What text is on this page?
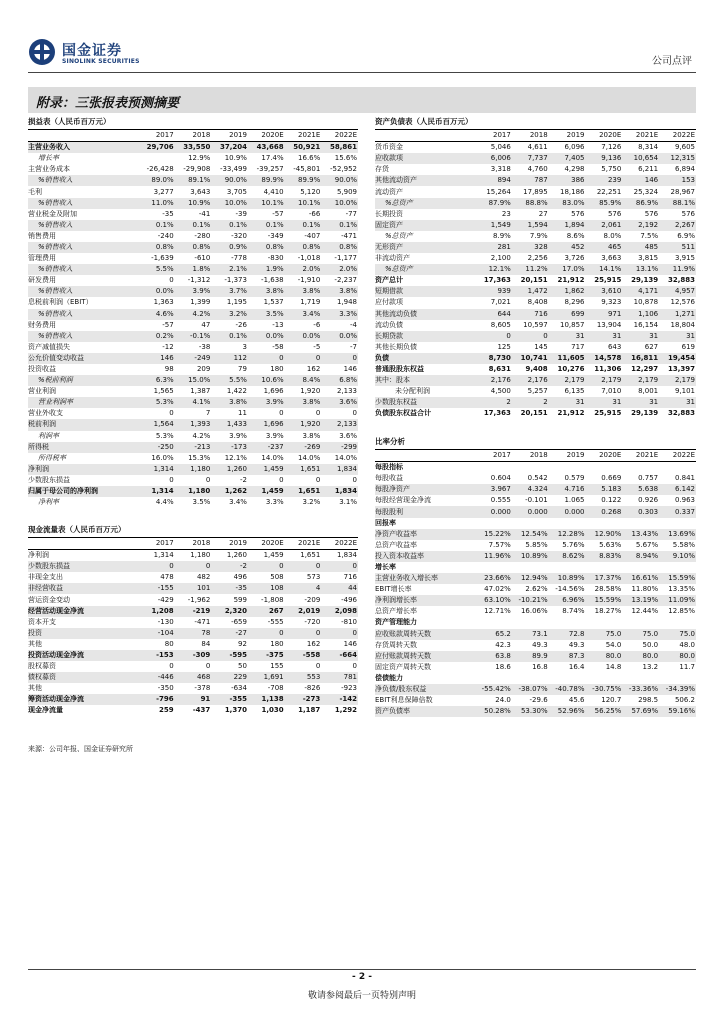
国金证券
SINOLINK SECURITIES	公司点评
附录：三张报表预测摘要
损益表（人民币百万元）
	2017	2018	2019	2020E	2021E	2022E
主营业务收入	29,706	33,550	37,204	43,668	50,921	58,861
增长率		12.9%	10.9%	17.4%	16.6%	15.6%
主营业务成本	-26,428	-29,908	-33,499	-39,257	-45,801	-52,952
%销售收入	89.0%	89.1%	90.0%	89.9%	89.9%	90.0%
毛利	3,277	3,643	3,705	4,410	5,120	5,909
%销售收入	11.0%	10.9%	10.0%	10.1%	10.1%	10.0%
营业税金及附加	-35	-41	-39	-57	-66	-77
%销售收入	0.1%	0.1%	0.1%	0.1%	0.1%	0.1%
销售费用	-240	-280	-320	-349	-407	-471
%销售收入	0.8%	0.8%	0.9%	0.8%	0.8%	0.8%
管理费用	-1,639	-610	-778	-830	-1,018	-1,177
%销售收入	5.5%	1.8%	2.1%	1.9%	2.0%	2.0%
研发费用	0	-1,312	-1,373	-1,638	-1,910	-2,237
%销售收入	0.0%	3.9%	3.7%	3.8%	3.8%	3.8%
息税前利润（EBIT）	1,363	1,399	1,195	1,537	1,719	1,948
%销售收入	4.6%	4.2%	3.2%	3.5%	3.4%	3.3%
财务费用	-57	47	-26	-13	-6	-4
%销售收入	0.2%	-0.1%	0.1%	0.0%	0.0%	0.0%
资产减值损失	-12	-38	3	-58	-5	-7
公允价值变动收益	146	-249	112	0	0	0
投资收益	98	209	79	180	162	146
%税前利润	6.3%	15.0%	5.5%	10.6%	8.4%	6.8%
营业利润	1,565	1,387	1,422	1,696	1,920	2,133
营业利润率	5.3%	4.1%	3.8%	3.9%	3.8%	3.6%
营业外收支	0	7	11	0	0	0
税前利润	1,564	1,393	1,433	1,696	1,920	2,133
利润率	5.3%	4.2%	3.9%	3.9%	3.8%	3.6%
所得税	-250	-213	-173	-237	-269	-299
所得税率	16.0%	15.3%	12.1%	14.0%	14.0%	14.0%
净利润	1,314	1,180	1,260	1,459	1,651	1,834
少数股东损益	0	0	-2	0	0	0
归属于母公司的净利润	1,314	1,180	1,262	1,459	1,651	1,834
净利率	4.4%	3.5%	3.4%	3.3%	3.2%	3.1%
现金流量表（人民币百万元）
	2017	2018	2019	2020E	2021E	2022E
净利润	1,314	1,180	1,260	1,459	1,651	1,834
少数股东损益	0	0	-2	0	0	0
非现金支出	478	482	496	508	573	716
非经营收益	-155	101	-35	108	4	44
营运资金变动	-429	-1,962	599	-1,808	-209	-496
经营活动现金净流	1,208	-219	2,320	267	2,019	2,098
资本开支	-130	-471	-659	-555	-720	-810
投资	-104	78	-27	0	0	0
其他	80	84	92	180	162	146
投资活动现金净流	-153	-309	-595	-375	-558	-664
股权募资	0	0	50	155	0	0
债权募资	-446	468	229	1,691	553	781
其他	-350	-378	-634	-708	-826	-923
筹资活动现金净流	-796	91	-355	1,138	-273	-142
现金净流量	259	-437	1,370	1,030	1,187	1,292
资产负债表（人民币百万元）
	2017	2018	2019	2020E	2021E	2022E
货币资金	5,046	4,611	6,096	7,126	8,314	9,605
应收款项	6,006	7,737	7,405	9,136	10,654	12,315
存货	3,318	4,760	4,298	5,750	6,211	6,894
其他流动资产	894	787	386	239	146	153
流动资产	15,264	17,895	18,186	22,251	25,324	28,967
%总资产	87.9%	88.8%	83.0%	85.9%	86.9%	88.1%
长期投资	23	27	576	576	576	576
固定资产	1,549	1,594	1,894	2,061	2,192	2,267
%总资产	8.9%	7.9%	8.6%	8.0%	7.5%	6.9%
无形资产	281	328	452	465	485	511
非流动资产	2,100	2,256	3,726	3,663	3,815	3,915
%总资产	12.1%	11.2%	17.0%	14.1%	13.1%	11.9%
资产总计	17,363	20,151	21,912	25,915	29,139	32,883
短期借款	939	1,472	1,862	3,610	4,171	4,957
应付款项	7,021	8,408	8,296	9,323	10,878	12,576
其他流动负债	644	716	699	971	1,106	1,271
流动负债	8,605	10,597	10,857	13,904	16,154	18,804
长期贷款	0	0	31	31	31	31
其他长期负债	125	145	717	643	627	619
负债	8,730	10,741	11,605	14,578	16,811	19,454
普通股股东权益	8,631	9,408	10,276	11,306	12,297	13,397
其中：股本	2,176	2,176	2,179	2,179	2,179	2,179
未分配利润	4,500	5,257	6,135	7,010	8,001	9,101
少数股东权益	2	2	31	31	31	31
负债股东权益合计	17,363	20,151	21,912	25,915	29,139	32,883
比率分析
	2017	2018	2019	2020E	2021E	2022E
每股指标						
每股收益	0.604	0.542	0.579	0.669	0.757	0.841
每股净资产	3.967	4.324	4.716	5.183	5.638	6.142
每股经营现金净流	0.555	-0.101	1.065	0.122	0.926	0.963
每股股利	0.000	0.000	0.000	0.268	0.303	0.337
回报率						
净资产收益率	15.22%	12.54%	12.28%	12.90%	13.43%	13.69%
总资产收益率	7.57%	5.85%	5.76%	5.63%	5.67%	5.58%
投入资本收益率	11.96%	10.89%	8.62%	8.83%	8.94%	9.10%
增长率						
主营业务收入增长率	23.66%	12.94%	10.89%	17.37%	16.61%	15.59%
EBIT增长率	47.02%	2.62%	-14.56%	28.58%	11.80%	13.35%
净利润增长率	63.10%	-10.21%	6.96%	15.59%	13.19%	11.09%
总资产增长率	12.71%	16.06%	8.74%	18.27%	12.44%	12.85%
资产管理能力						
应收账款周转天数	65.2	73.1	72.8	75.0	75.0	75.0
存货周转天数	42.3	49.3	49.3	54.0	50.0	48.0
应付账款周转天数	63.8	89.9	87.3	80.0	80.0	80.0
固定资产周转天数	18.6	16.8	16.4	14.8	13.2	11.7
偿债能力						
净负债/股东权益	-55.42%	-38.07%	-40.78%	-30.75%	-33.36%	-34.39%
EBIT利息保障倍数	24.0	-29.6	45.6	120.7	298.5	506.2
资产负债率	50.28%	53.30%	52.96%	56.25%	57.69%	59.16%
来源：公司年报、国金证券研究所
- 2 -
敬请参阅最后一页特别声明
